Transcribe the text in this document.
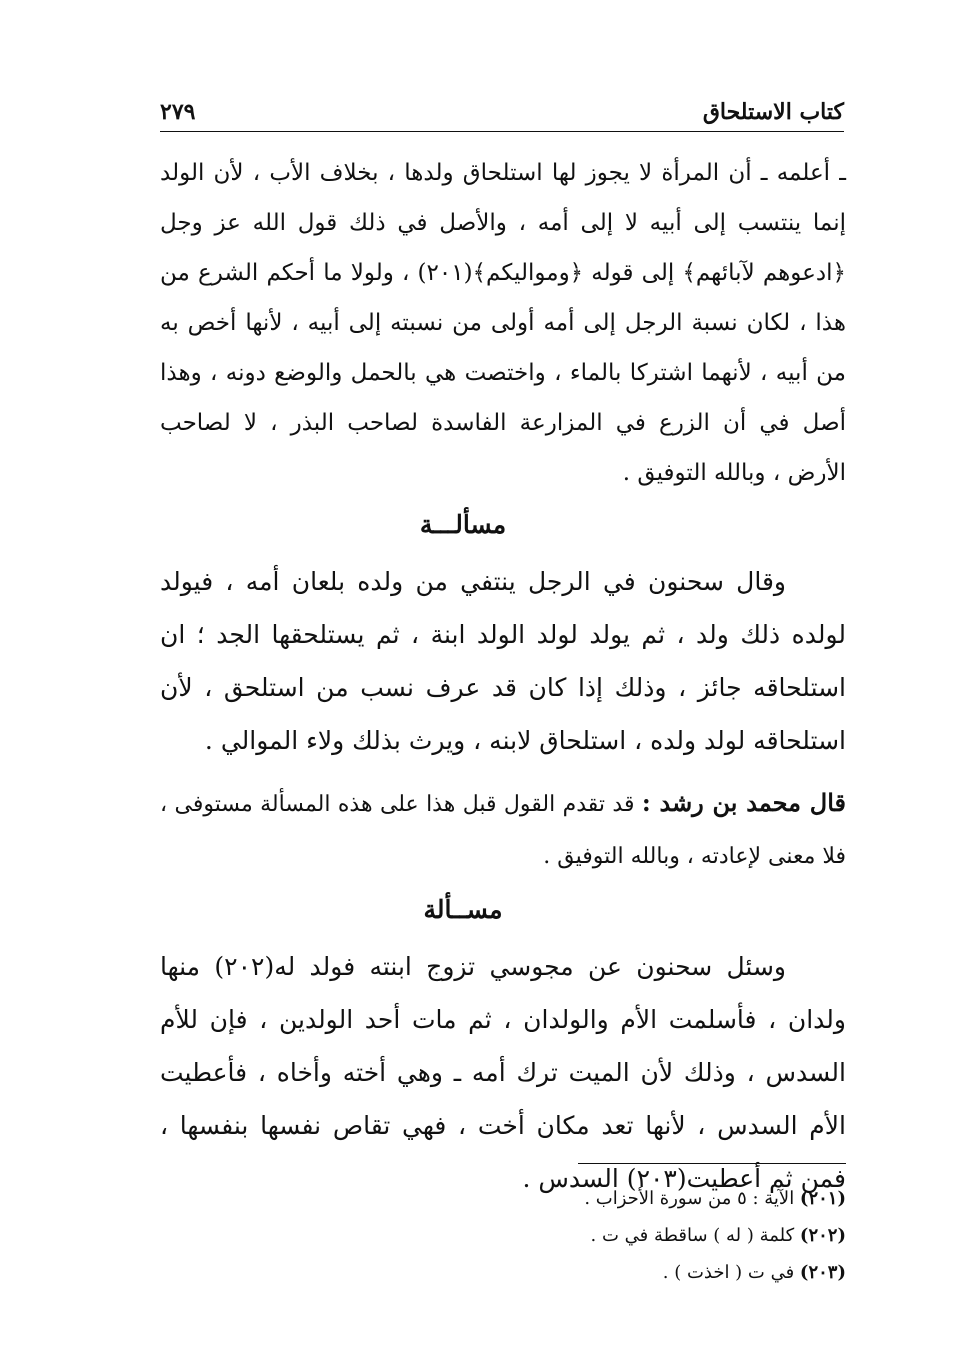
كتاب الاستلحاق
٢٧٩

ـ أعلمه ـ أن المرأة لا يجوز لها استلحاق ولدها ، بخلاف الأب ، لأن الولد إنما ينتسب إلى أبيه لا إلى أمه ، والأصل في ذلك قول الله عز وجل ﴿ادعوهم لآبائهم﴾ إلى قوله ﴿ومواليكم﴾(٢٠١) ، ولولا ما أحكم الشرع من هذا ، لكان نسبة الرجل إلى أمه أولى من نسبته إلى أبيه ، لأنها أخص به من أبيه ، لأنهما اشتركا بالماء ، واختصت هي بالحمل والوضع دونه ، وهذا أصل في أن الزرع في المزارعة الفاسدة لصاحب البذر ، لا لصاحب الأرض ، وبالله التوفيق .

مسألـــة

وقال سحنون في الرجل ينتفي من ولده بلعان أمه ، فيولد لولده ذلك ولد ، ثم يولد لولد الولد ابنة ، ثم يستلحقها الجد ؛ ان استلحاقه جائز ، وذلك إذا كان قد عرف نسب من استلحق ، لأن استلحاقه لولد ولده ، استلحاق لابنه ، ويرث بذلك ولاء الموالي .

قال محمد بن رشد : قد تقدم القول قبل هذا على هذه المسألة مستوفى ، فلا معنى لإعادته ، وبالله التوفيق .

مســألة

وسئل سحنون عن مجوسي تزوج ابنته فولد له(٢٠٢) منها ولدان ، فأسلمت الأم والولدان ، ثم مات أحد الولدين ، فإن للأم السدس ، وذلك لأن الميت ترك أمه ـ وهي أخته وأخاه ، فأعطيت الأم السدس ، لأنها تعد مكان أخت ، فهي تقاص نفسها بنفسها ، فمن ثم أعطيت(٢٠٣) السدس .

(٢٠١) الآية : ٥ من سورة الأحزاب .

(٢٠٢) كلمة ( له ) ساقطة في ت .

(٢٠٣) في ت ( اخذت ) .
